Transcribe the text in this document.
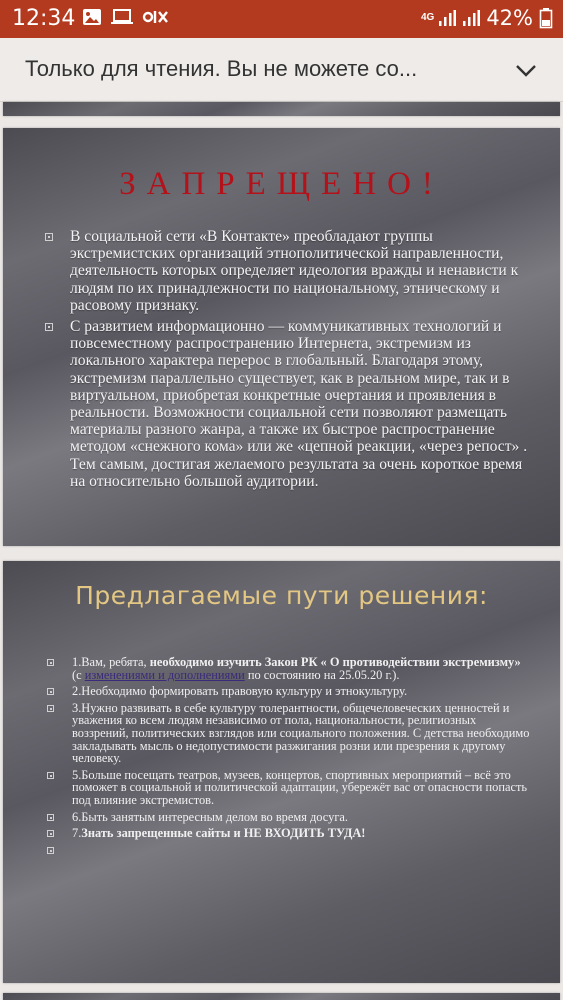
12:34	4G 42%
Только для чтения. Вы не можете со...
ЗАПРЕЩЕНО!
В социальной сети «В Контакте» преобладают группы экстремистских организаций этнополитической направленности, деятельность которых определяет идеология вражды и ненависти к людям по их принадлежности по национальному, этническому и расовому признаку.
С развитием информационно — коммуникативных технологий и повсеместному распространению Интернета, экстремизм из локального характера перерос в глобальный. Благодаря этому, экстремизм параллельно существует, как в реальном мире, так и в виртуальном, приобретая конкретные очертания и проявления в реальности. Возможности социальной сети позволяют размещать материалы разного жанра, а также их быстрое распространение методом «снежного кома» или же «цепной реакции, «через репост» . Тем самым, достигая желаемого результата за очень короткое время на относительно большой аудитории.
Предлагаемые пути решения:
1.Вам, ребята, необходимо изучить Закон РК « О противодействии экстремизму» (с изменениями и дополнениями по состоянию на 25.05.20 г.).
2.Необходимо формировать правовую культуру и этнокультуру.
3.Нужно развивать в себе культуру толерантности, общечеловеческих ценностей и уважения ко всем людям независимо от пола, национальности, религиозных воззрений, политических взглядов или социального положения. С детства необходимо закладывать мысль о недопустимости разжигания розни или презрения к другому человеку.
5.Больше посещать театров, музеев, концертов, спортивных мероприятий – всё это поможет в социальной и политической адаптации, убережёт вас от опасности попасть под влияние экстремистов.
6.Быть занятым интересным делом во время досуга.
7.Знать запрещенные сайты и НЕ ВХОДИТЬ ТУДА!
